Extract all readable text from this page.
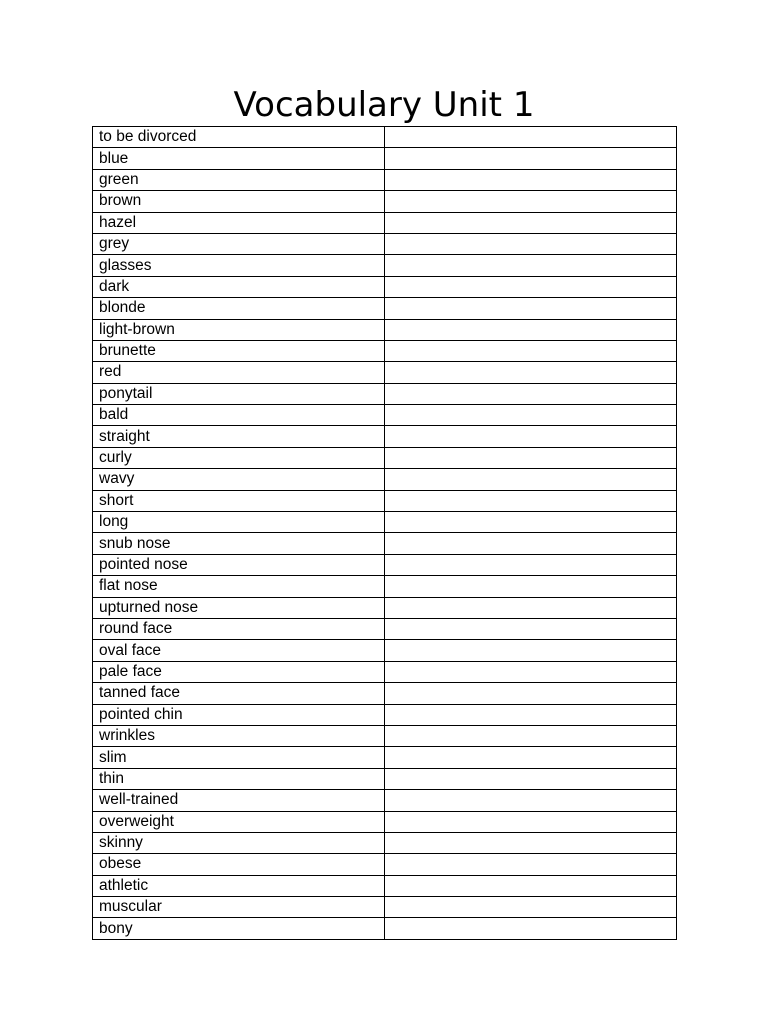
Vocabulary Unit 1
to be divorced	
blue	
green	
brown	
hazel	
grey	
glasses	
dark	
blonde	
light-brown	
brunette	
red	
ponytail	
bald	
straight	
curly	
wavy	
short	
long	
snub nose	
pointed nose	
flat nose	
upturned nose	
round face	
oval face	
pale face	
tanned face	
pointed chin	
wrinkles	
slim	
thin	
well-trained	
overweight	
skinny	
obese	
athletic	
muscular	
bony	
